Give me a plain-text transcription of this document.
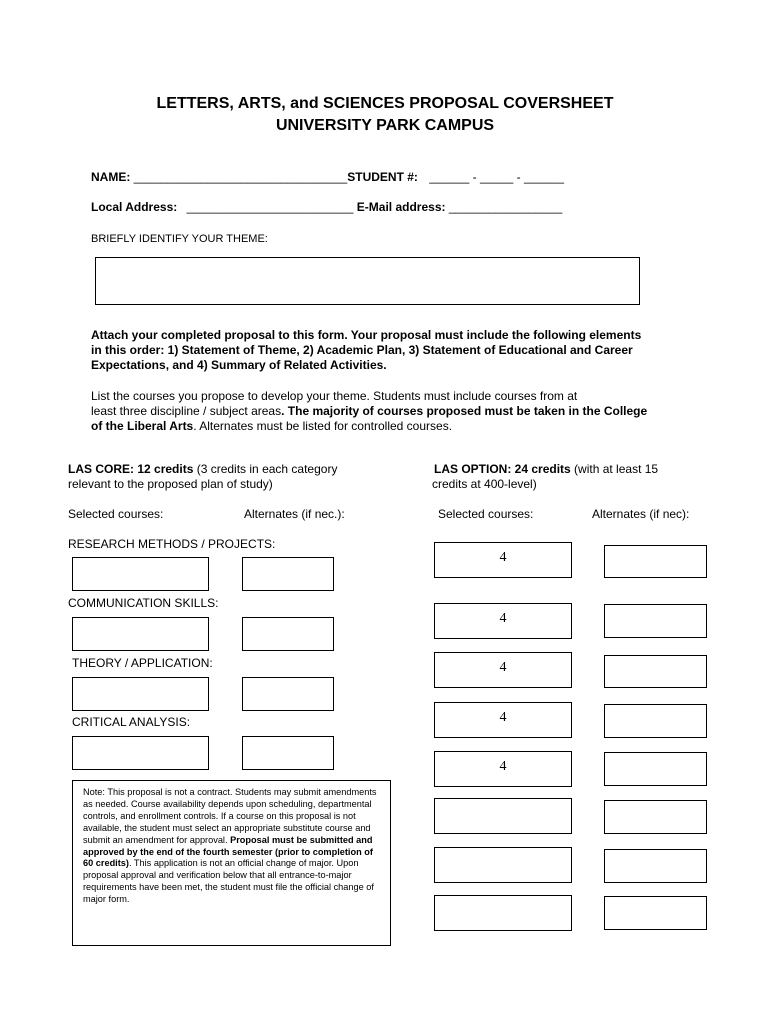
LETTERS, ARTS, and SCIENCES PROPOSAL COVERSHEET
UNIVERSITY PARK CAMPUS
NAME: ________________________________STUDENT #: ______ - _____ - ______
Local Address: _________________________ E-Mail address: _________________
BRIEFLY IDENTIFY YOUR THEME:
Attach your completed proposal to this form. Your proposal must include the following elements
in this order: 1) Statement of Theme, 2) Academic Plan, 3) Statement of Educational and Career
Expectations, and 4) Summary of Related Activities.
List the courses you propose to develop your theme. Students must include courses from at
least three discipline / subject areas. The majority of courses proposed must be taken in the College
of the Liberal Arts. Alternates must be listed for controlled courses.
LAS CORE: 12 credits (3 credits in each category
relevant to the proposed plan of study)
Selected courses:	Alternates (if nec.):
LAS OPTION: 24 credits (with at least 15
credits at 400-level)
Selected courses:	Alternates (if nec):
RESEARCH METHODS / PROJECTS:
COMMUNICATION SKILLS:
THEORY / APPLICATION:
CRITICAL ANALYSIS:
4
4
4
4
4
Note: This proposal is not a contract. Students may submit amendments as needed. Course availability depends upon scheduling, departmental controls, and enrollment controls. If a course on this proposal is not available, the student must select an appropriate substitute course and submit an amendment for approval. Proposal must be submitted and approved by the end of the fourth semester (prior to completion of 60 credits). This application is not an official change of major. Upon proposal approval and verification below that all entrance-to-major requirements have been met, the student must file the official change of major form.
